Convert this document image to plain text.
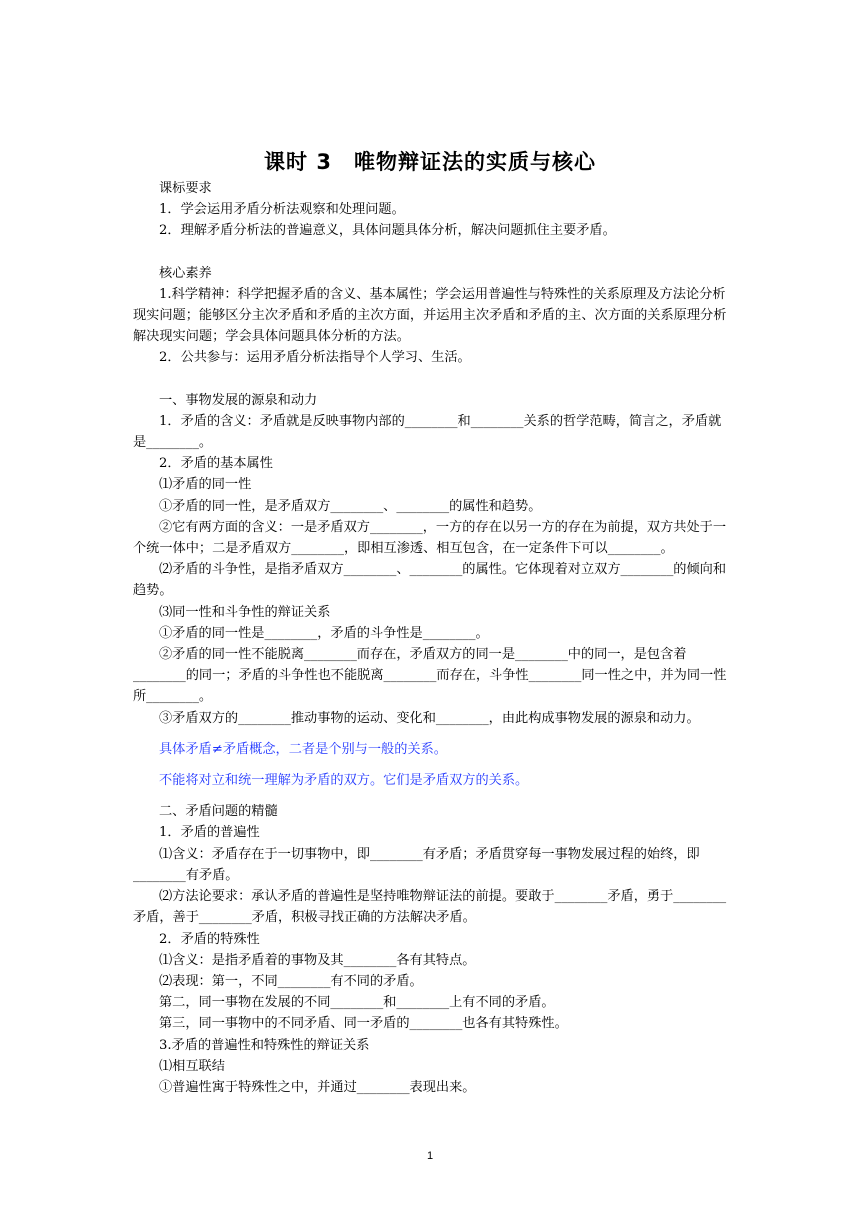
课时 3　唯物辩证法的实质与核心

课标要求

1．学会运用矛盾分析法观察和处理问题。

2．理解矛盾分析法的普遍意义，具体问题具体分析，解决问题抓住主要矛盾。

核心素养

1.科学精神：科学把握矛盾的含义、基本属性；学会运用普遍性与特殊性的关系原理及方法论分析现实问题；能够区分主次矛盾和矛盾的主次方面，并运用主次矛盾和矛盾的主、次方面的关系原理分析解决现实问题；学会具体问题具体分析的方法。

2．公共参与：运用矛盾分析法指导个人学习、生活。

一、事物发展的源泉和动力

1．矛盾的含义：矛盾就是反映事物内部的________和________关系的哲学范畴，简言之，矛盾就是________。

2．矛盾的基本属性

⑴矛盾的同一性

①矛盾的同一性，是矛盾双方________、________的属性和趋势。

②它有两方面的含义：一是矛盾双方________，一方的存在以另一方的存在为前提，双方共处于一个统一体中；二是矛盾双方________，即相互渗透、相互包含，在一定条件下可以________。

⑵矛盾的斗争性，是指矛盾双方________、________的属性。它体现着对立双方________的倾向和趋势。

⑶同一性和斗争性的辩证关系

①矛盾的同一性是________，矛盾的斗争性是________。

②矛盾的同一性不能脱离________而存在，矛盾双方的同一是________中的同一，是包含着________的同一；矛盾的斗争性也不能脱离________而存在，斗争性________同一性之中，并为同一性所________。

③矛盾双方的________推动事物的运动、变化和________，由此构成事物发展的源泉和动力。

具体矛盾≠矛盾概念，二者是个别与一般的关系。

不能将对立和统一理解为矛盾的双方。它们是矛盾双方的关系。

二、矛盾问题的精髓

1．矛盾的普遍性

⑴含义：矛盾存在于一切事物中，即________有矛盾；矛盾贯穿每一事物发展过程的始终，即________有矛盾。

⑵方法论要求：承认矛盾的普遍性是坚持唯物辩证法的前提。要敢于________矛盾，勇于________矛盾，善于________矛盾，积极寻找正确的方法解决矛盾。

2．矛盾的特殊性

⑴含义：是指矛盾着的事物及其________各有其特点。

⑵表现：第一，不同________有不同的矛盾。

第二，同一事物在发展的不同________和________上有不同的矛盾。

第三，同一事物中的不同矛盾、同一矛盾的________也各有其特殊性。

3.矛盾的普遍性和特殊性的辩证关系

⑴相互联结

①普遍性寓于特殊性之中，并通过________表现出来。

1
